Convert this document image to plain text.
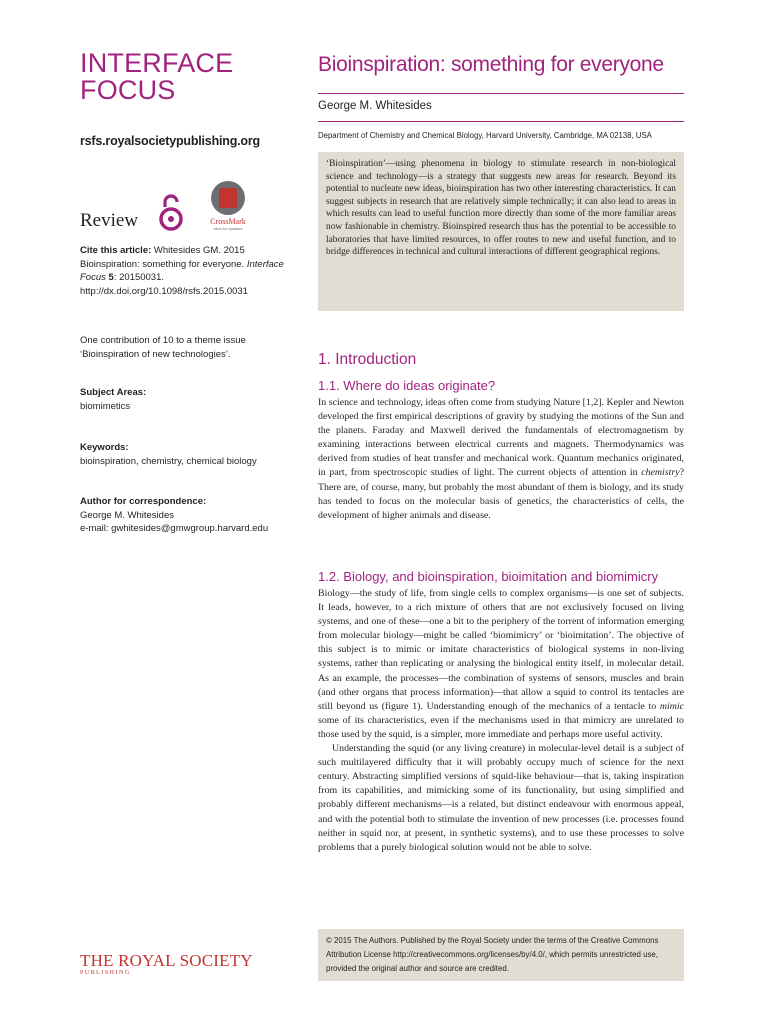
INTERFACE
FOCUS
rsfs.royalsocietypublishing.org
Review	CrossMark
click for updates
Cite this article: Whitesides GM. 2015 Bioinspiration: something for everyone. Interface Focus 5: 20150031.
http://dx.doi.org/10.1098/rsfs.2015.0031
One contribution of 10 to a theme issue ‘Bioinspiration of new technologies’.
Subject Areas:
biomimetics
Keywords:
bioinspiration, chemistry, chemical biology
Author for correspondence:
George M. Whitesides
e-mail: gwhitesides@gmwgroup.harvard.edu
Bioinspiration: something for everyone
George M. Whitesides
Department of Chemistry and Chemical Biology, Harvard University, Cambridge, MA 02138, USA
‘Bioinspiration’—using phenomena in biology to stimulate research in non-biological science and technology—is a strategy that suggests new areas for research. Beyond its potential to nucleate new ideas, bioinspiration has two other interesting characteristics. It can suggest subjects in research that are relatively simple technically; it can also lead to areas in which results can lead to useful function more directly than some of the more familiar areas now fashionable in chemistry. Bioinspired research thus has the potential to be accessible to laboratories that have limited resources, to offer routes to new and useful function, and to bridge differences in technical and cultural interactions of different geographical regions.
1. Introduction
1.1. Where do ideas originate?

In science and technology, ideas often come from studying Nature [1,2]. Kepler and Newton developed the first empirical descriptions of gravity by studying the motions of the Sun and the planets. Faraday and Maxwell derived the fundamentals of electromagnetism by examining interactions between electrical currents and magnets. Thermodynamics was derived from studies of heat transfer and mechanical work. Quantum mechanics originated, in part, from spectroscopic studies of light. The current objects of attention in chemistry? There are, of course, many, but probably the most abundant of them is biology, and its study has tended to focus on the molecular basis of genetics, the characteristics of cells, the development of higher animals and disease.

1.2. Biology, and bioinspiration, bioimitation and biomimicry

Biology—the study of life, from single cells to complex organisms—is one set of subjects. It leads, however, to a rich mixture of others that are not exclusively focused on living systems, and one of these—one a bit to the periphery of the torrent of information emerging from molecular biology—might be called ‘biomimicry’ or ‘bioimitation’. The objective of this subject is to mimic or imitate characteristics of biological systems in non-living systems, rather than replicating or analysing the biological entity itself, in molecular detail. As an example, the processes—the combination of systems of sensors, muscles and brain (and other organs that process information)—that allow a squid to control its tentacles are still beyond us (figure 1). Understanding enough of the mechanics of a tentacle to mimic some of its characteristics, even if the mechanisms used in that mimicry are unrelated to those used by the squid, is a simpler, more immediate and perhaps more useful activity.

Understanding the squid (or any living creature) in molecular-level detail is a subject of such multilayered difficulty that it will probably occupy much of science for the next century. Abstracting simplified versions of squid-like behaviour—that is, taking inspiration from its capabilities, and mimicking some of its functionality, but using simplified and probably different mechanisms—is a related, but distinct endeavour with enormous appeal, and with the potential both to stimulate the invention of new processes (i.e. processes found neither in squid nor, at present, in synthetic systems), and to use these processes to solve problems that a purely biological solution would not be able to solve.

© 2015 The Authors. Published by the Royal Society under the terms of the Creative Commons Attribution License http://creativecommons.org/licenses/by/4.0/, which permits unrestricted use, provided the original author and source are credited.
THE ROYAL SOCIETY
PUBLISHING
